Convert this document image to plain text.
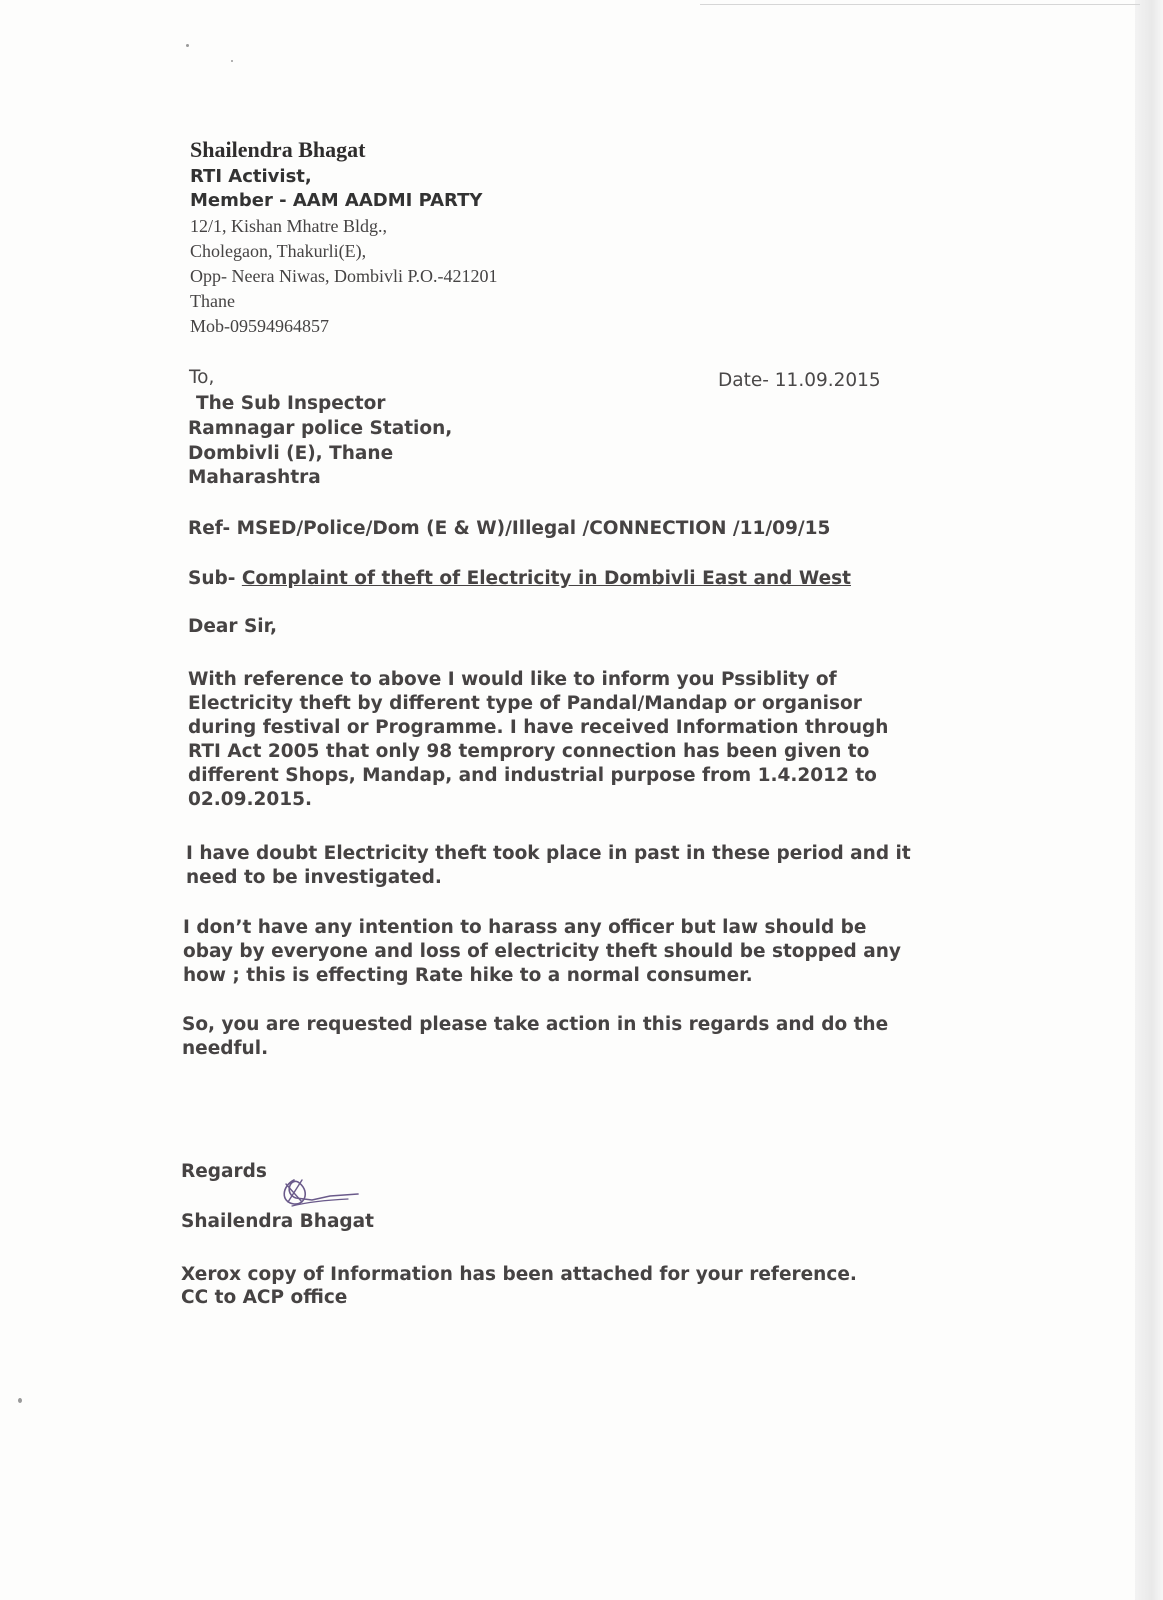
Shailendra Bhagat
RTI Activist,
Member - AAM AADMI PARTY
12/1, Kishan Mhatre Bldg.,
Cholegaon, Thakurli(E),
Opp- Neera Niwas, Dombivli P.O.-421201
Thane
Mob-09594964857
Date- 11.09.2015
To,
The Sub Inspector
Ramnagar police Station,
Dombivli (E), Thane
Maharashtra
Ref- MSED/Police/Dom (E & W)/Illegal /CONNECTION /11/09/15
Sub- Complaint of theft of Electricity in Dombivli East and West
Dear Sir,
With reference to above I would like to inform you Pssiblity of
Electricity theft by different type of Pandal/Mandap or organisor
during festival or Programme. I have received Information through
RTI Act 2005 that only 98 temprory connection has been given to
different Shops, Mandap, and industrial purpose from 1.4.2012 to
02.09.2015.
I have doubt Electricity theft took place in past in these period and it
need to be investigated.
I don’t have any intention to harass any officer but law should be
obay by everyone and loss of electricity theft should be stopped any
how ; this is effecting Rate hike to a normal consumer.
So, you are requested please take action in this regards and do the
needful.
Regards
Shailendra Bhagat
Xerox copy of Information has been attached for your reference.
CC to ACP office
